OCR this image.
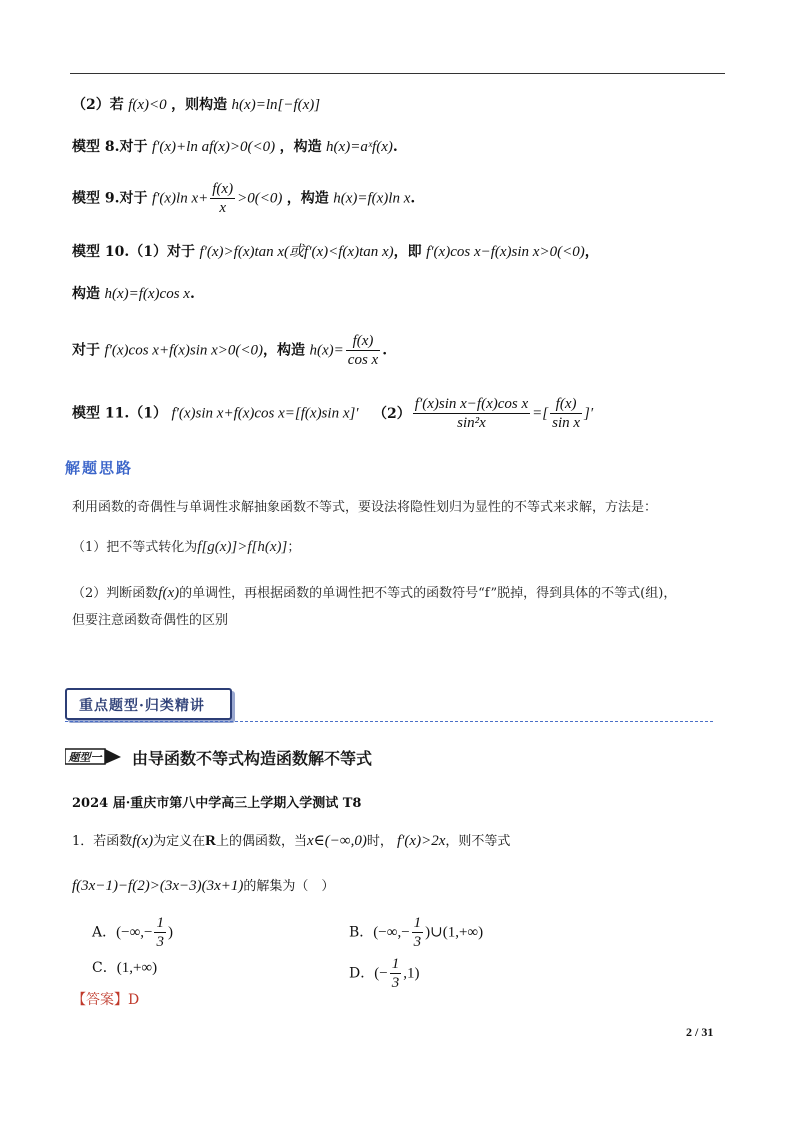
（2）若 f(x)<0 ，则构造 h(x)=ln[−f(x)]
模型 8.对于 f′(x)+ln af(x)>0(<0) ，构造 h(x)=aˣf(x).
模型 9.对于 f′(x)ln $x+ \frac{f(x)}{x} >0(<0)$ ，构造 h(x)=f(x)ln x.
模型 10.（1）对于 f′(x)>f(x)tan x(或f′(x)<f(x)tan x)，即 f′(x)cos x−f(x)sin x>0(<0)，
构造 h(x)=f(x)cos x.
对于 f′(x)cos x+f(x)sin x>0(<0)，构造 $h(x)= \frac{f(x)}{\text{cos x}}$ .
模型 11.（1） f′(x)sin x+f(x)cos x=[f(x)sin x]′ $(2) \frac{\text{f′(x)sin x−f(x)cos x}}{\text{sin²x}}$ =[ $\frac{f(x)}{\text{sin x}}$ ]′
解题思路
利用函数的奇偶性与单调性求解抽象函数不等式，要设法将隐性划归为显性的不等式来求解，方法是：
（1）把不等式转化为f[g(x)]>f[h(x)]；
（2）判断函数f(x)的单调性，再根据函数的单调性把不等式的函数符号“f”脱掉，得到具体的不等式(组)，
但要注意函数奇偶性的区别
重点题型·归类精讲
题型一 由导函数不等式构造函数解不等式
2024 届·重庆市第八中学高三上学期入学测试 T8
1．若函数f(x)为定义在R上的偶函数，当x∈(−∞,0)时， f′(x)>2x，则不等式
f(3x−1)−f(2)>(3x−3)(3x+1)的解集为（　）
A．(−∞,− $\frac{1}{3}$ )	B．(−∞,− $\frac{1}{3}$ )∪(1,+∞)
C．(1,+∞)	D．(− $\frac{1}{3} ,1$)
【答案】D
2 / 31
